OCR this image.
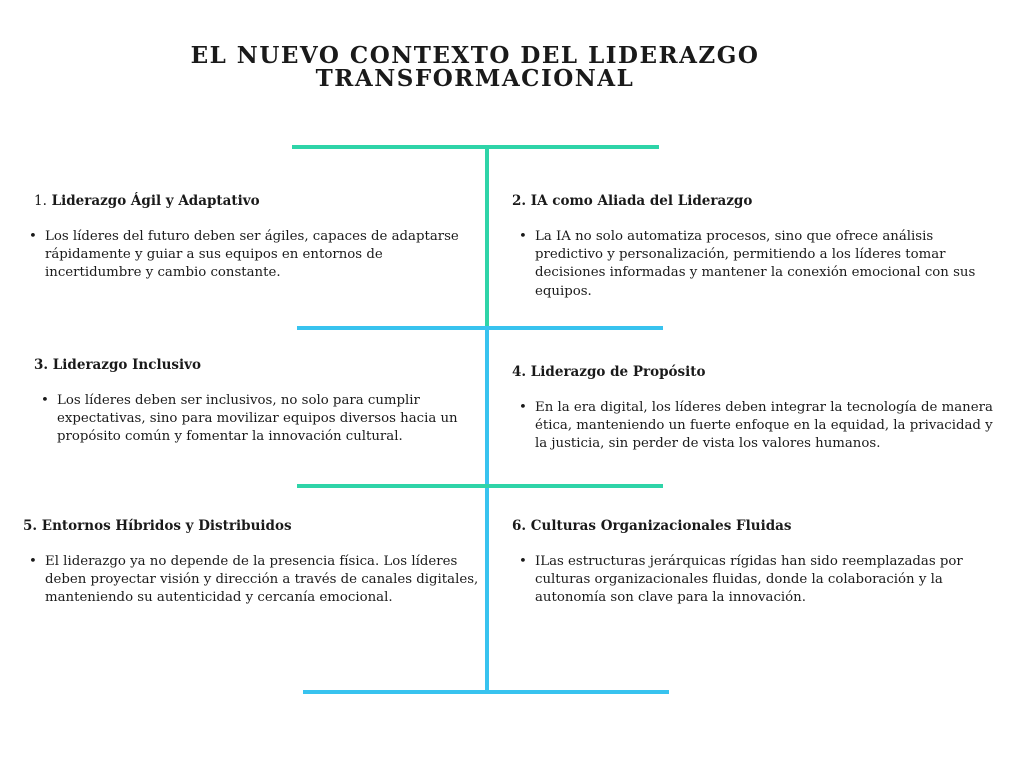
EL NUEVO CONTEXTO DEL LIDERAZGO
TRANSFORMACIONAL
1. Liderazgo Ágil y Adaptativo
• Los líderes del futuro deben ser ágiles, capaces de adaptarse rápidamente y guiar a sus equipos en entornos de incertidumbre y cambio constante.
2. IA como Aliada del Liderazgo
• La IA no solo automatiza procesos, sino que ofrece análisis predictivo y personalización, permitiendo a los líderes tomar decisiones informadas y mantener la conexión emocional con sus equipos.
3. Liderazgo Inclusivo
• Los líderes deben ser inclusivos, no solo para cumplir expectativas, sino para movilizar equipos diversos hacia un propósito común y fomentar la innovación cultural.
4. Liderazgo de Propósito
• En la era digital, los líderes deben integrar la tecnología de manera ética, manteniendo un fuerte enfoque en la equidad, la privacidad y la justicia, sin perder de vista los valores humanos.
5. Entornos Híbridos y Distribuidos
• El liderazgo ya no depende de la presencia física. Los líderes deben proyectar visión y dirección a través de canales digitales, manteniendo su autenticidad y cercanía emocional.
6. Culturas Organizacionales Fluidas
• ILas estructuras jerárquicas rígidas han sido reemplazadas por culturas organizacionales fluidas, donde la colaboración y la autonomía son clave para la innovación.
